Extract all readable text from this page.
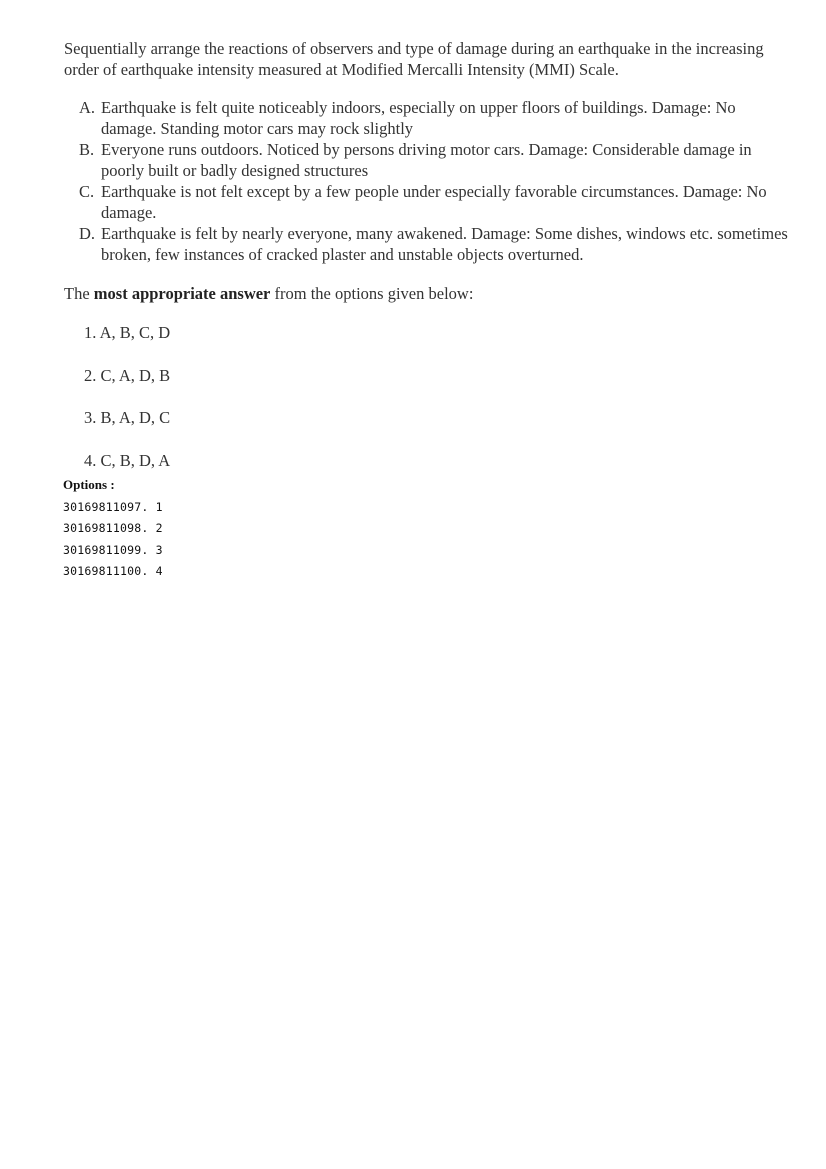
Sequentially arrange the reactions of observers and type of damage during an earthquake in the increasing order of earthquake intensity measured at Modified Mercalli Intensity (MMI) Scale.

A. Earthquake is felt quite noticeably indoors, especially on upper floors of buildings. Damage: No damage. Standing motor cars may rock slightly
B. Everyone runs outdoors. Noticed by persons driving motor cars. Damage: Considerable damage in poorly built or badly designed structures
C. Earthquake is not felt except by a few people under especially favorable circumstances. Damage: No damage.
D. Earthquake is felt by nearly everyone, many awakened. Damage: Some dishes, windows etc. sometimes broken, few instances of cracked plaster and unstable objects overturned.

The most appropriate answer from the options given below:

1. A, B, C, D
2. C, A, D, B
3. B, A, D, C
4. C, B, D, A

Options :

30169811097. 1
30169811098. 2
30169811099. 3
30169811100. 4
